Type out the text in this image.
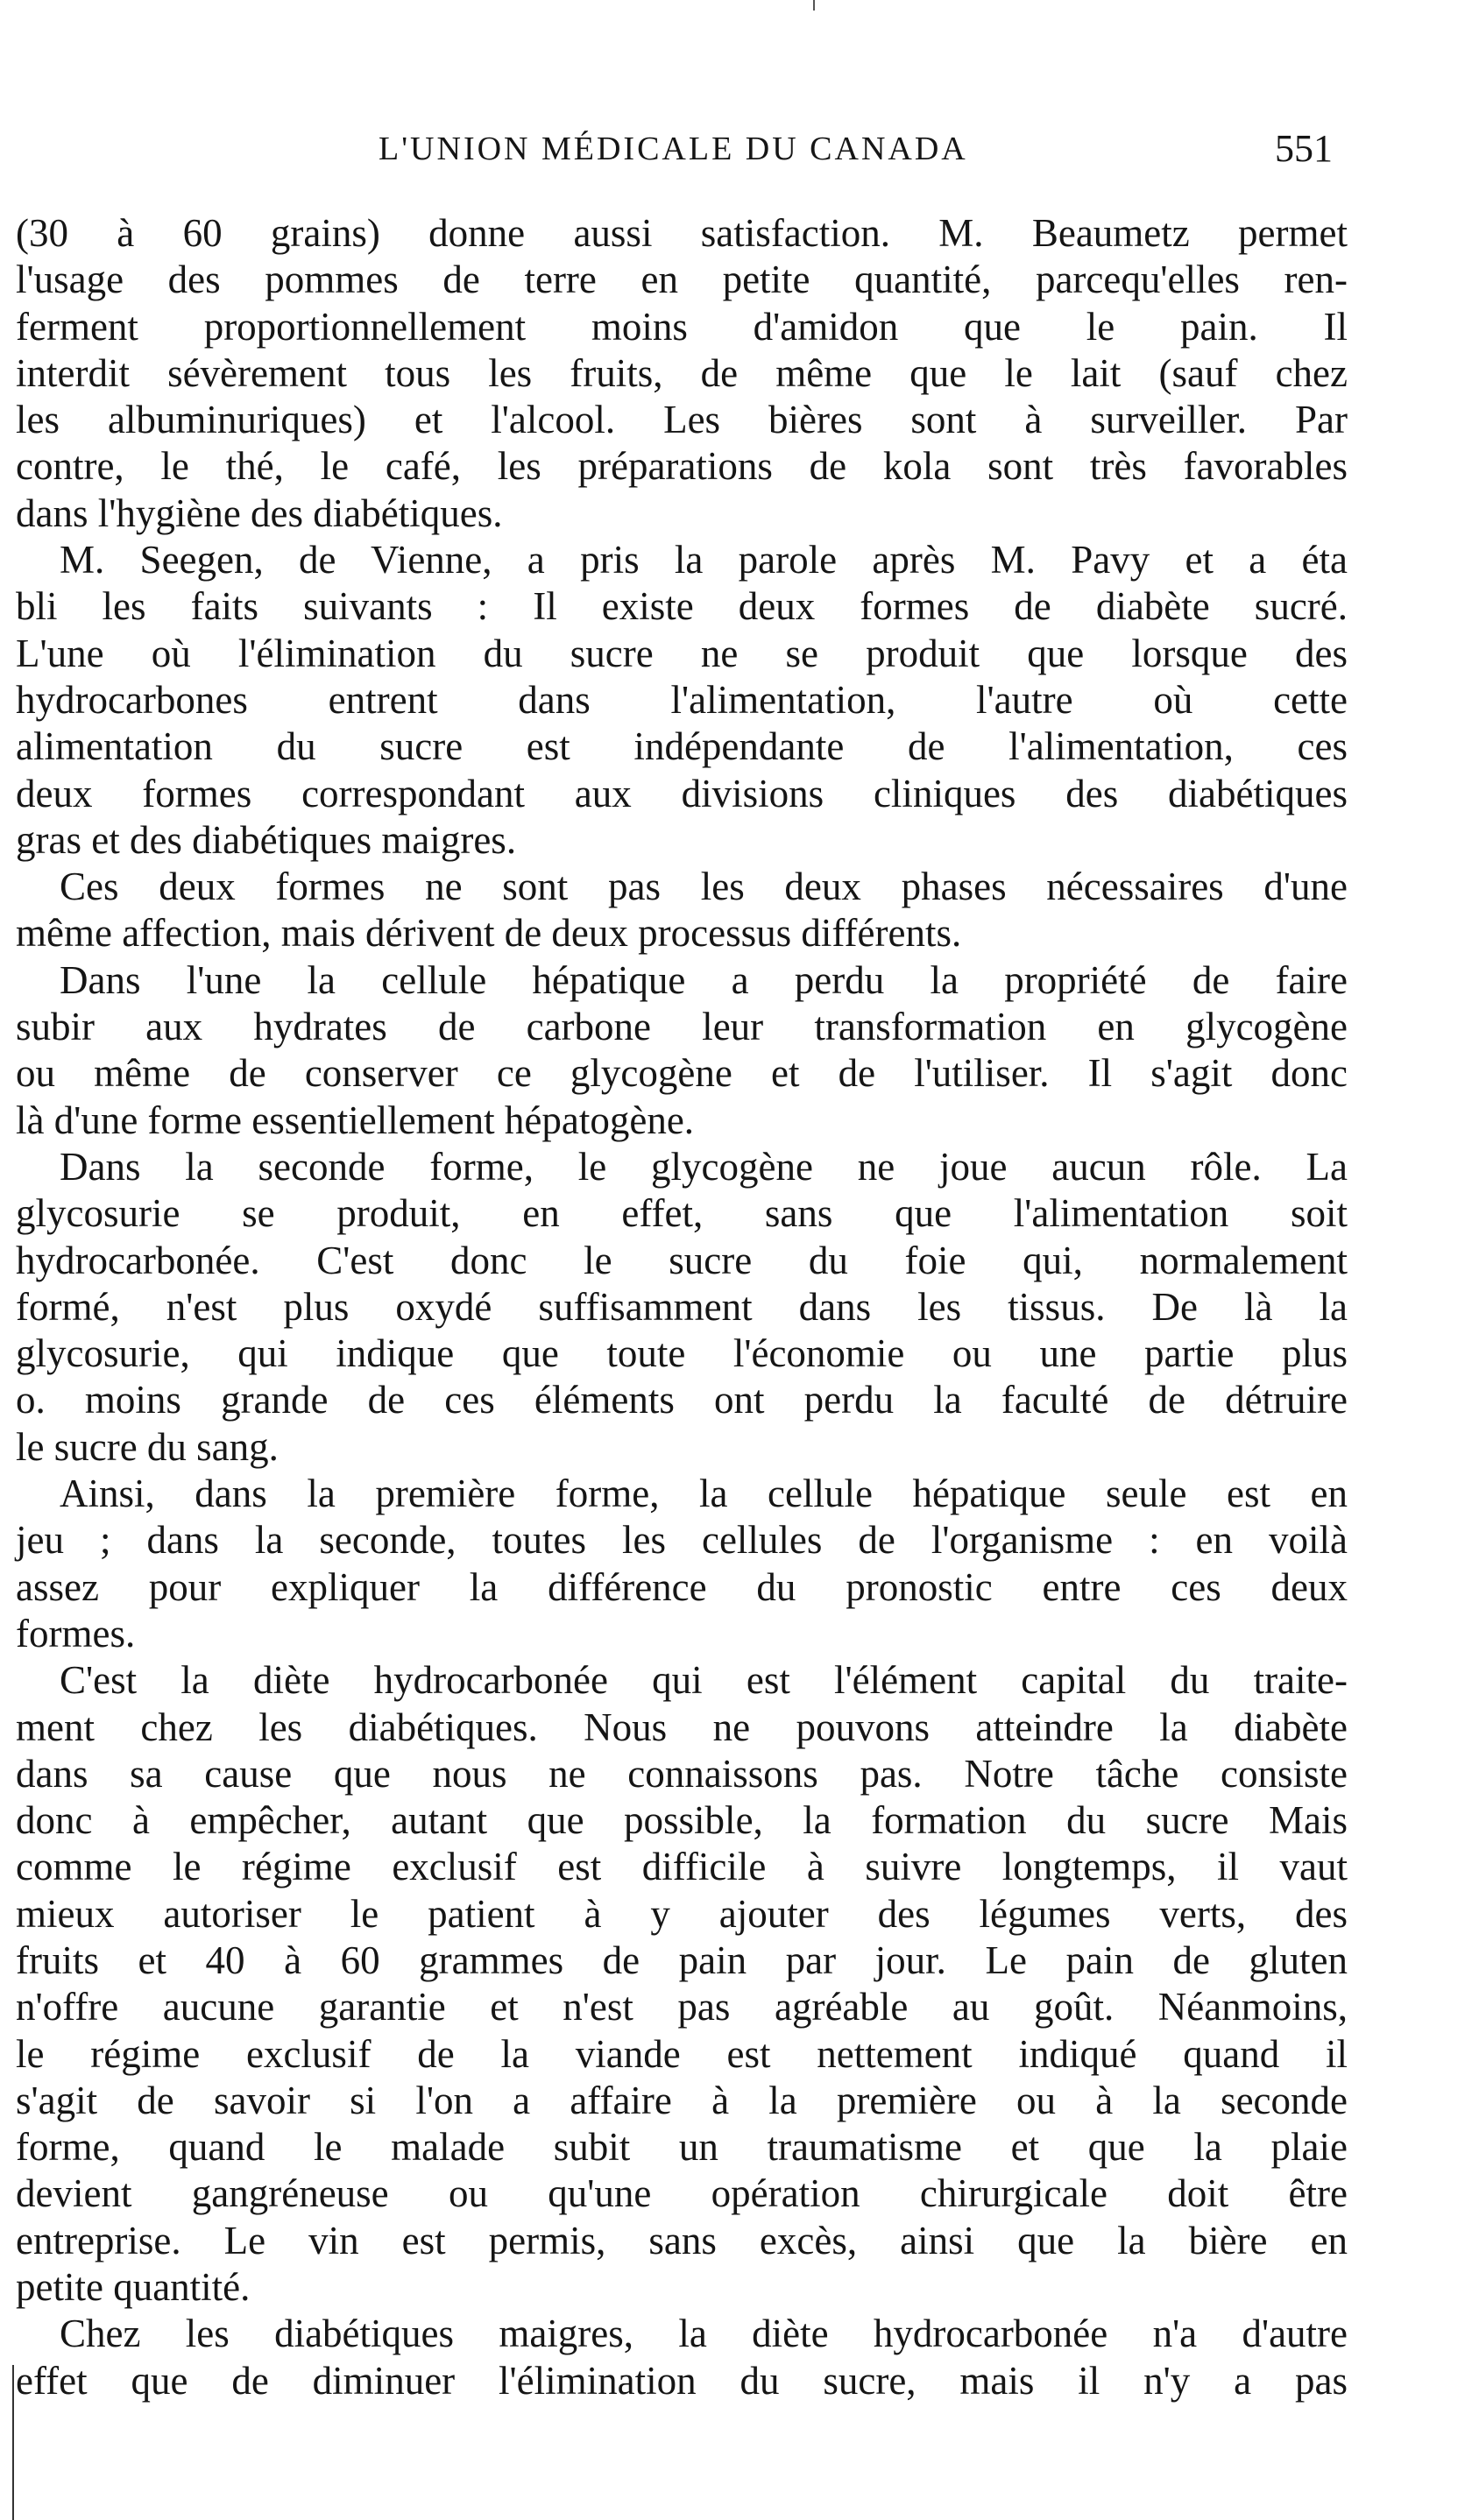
L'UNION MÉDICALE DU CANADA	551
(30 à 60 grains) donne aussi satisfaction. M. Beaumetz permet
l'usage des pommes de terre en petite quantité, parcequ'elles ren-
ferment proportionnellement moins d'amidon que le pain. Il
interdit sévèrement tous les fruits, de même que le lait (sauf chez
les albuminuriques) et l'alcool. Les bières sont à surveiller. Par
contre, le thé, le café, les préparations de kola sont très favorables
dans l'hygiène des diabétiques.
M. Seegen, de Vienne, a pris la parole après M. Pavy et a éta
bli les faits suivants : Il existe deux formes de diabète sucré.
L'une où l'élimination du sucre ne se produit que lorsque des
hydrocarbones entrent dans l'alimentation, l'autre où cette
alimentation du sucre est indépendante de l'alimentation, ces
deux formes correspondant aux divisions cliniques des diabétiques
gras et des diabétiques maigres.
Ces deux formes ne sont pas les deux phases nécessaires d'une
même affection, mais dérivent de deux processus différents.
Dans l'une la cellule hépatique a perdu la propriété de faire
subir aux hydrates de carbone leur transformation en glycogène
ou même de conserver ce glycogène et de l'utiliser. Il s'agit donc
là d'une forme essentiellement hépatogène.
Dans la seconde forme, le glycogène ne joue aucun rôle. La
glycosurie se produit, en effet, sans que l'alimentation soit
hydrocarbonée. C'est donc le sucre du foie qui, normalement
formé, n'est plus oxydé suffisamment dans les tissus. De là la
glycosurie, qui indique que toute l'économie ou une partie plus
o. moins grande de ces éléments ont perdu la faculté de détruire
le sucre du sang.
Ainsi, dans la première forme, la cellule hépatique seule est en
jeu ; dans la seconde, toutes les cellules de l'organisme : en voilà
assez pour expliquer la différence du pronostic entre ces deux
formes.
C'est la diète hydrocarbonée qui est l'élément capital du traite-
ment chez les diabétiques. Nous ne pouvons atteindre la diabète
dans sa cause que nous ne connaissons pas. Notre tâche consiste
donc à empêcher, autant que possible, la formation du sucre Mais
comme le régime exclusif est difficile à suivre longtemps, il vaut
mieux autoriser le patient à y ajouter des légumes verts, des
fruits et 40 à 60 grammes de pain par jour. Le pain de gluten
n'offre aucune garantie et n'est pas agréable au goût. Néanmoins,
le régime exclusif de la viande est nettement indiqué quand il
s'agit de savoir si l'on a affaire à la première ou à la seconde
forme, quand le malade subit un traumatisme et que la plaie
devient gangréneuse ou qu'une opération chirurgicale doit être
entreprise. Le vin est permis, sans excès, ainsi que la bière en
petite quantité.
Chez les diabétiques maigres, la diète hydrocarbonée n'a d'autre
effet que de diminuer l'élimination du sucre, mais il n'y a pas
